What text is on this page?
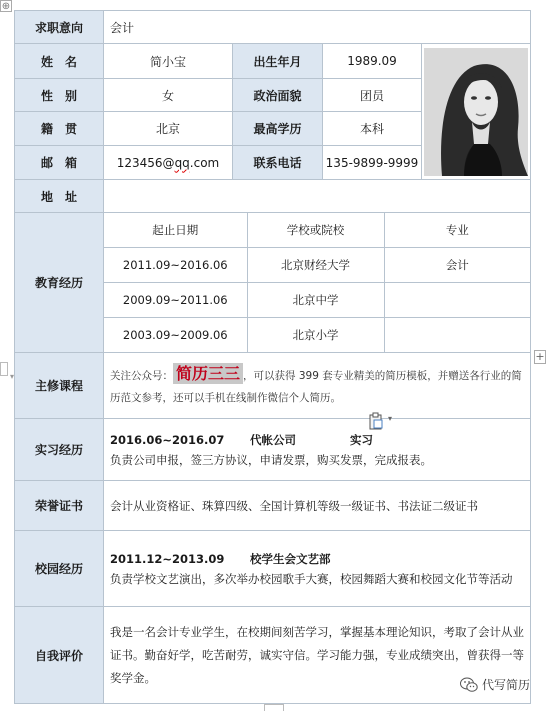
⊕
求职意向	会计
姓　名	简小宝	出生年月	1989.09	

性　别	女	政治面貌	团员
籍　贯	北京	最高学历	本科
邮　箱	123456@qq.com	联系电话	135-9899-9999
地　址	
教育经历	
起止日期	学校或院校	专业
2011.09~2016.06	北京财经大学	会计
2009.09~2011.06	北京中学	
2003.09~2009.06	北京小学	

主修课程	
关注公众号： 简历三三 ，可以获得 399 套专业精美的简历模板，并赠送各行业的简历范文参考，还可以手机在线制作微信个人简历。

实习经历	
2016.06~2016.07 代帐公司	实习
负责公司申报，签三方协议，申请发票，购买发票，完成报表。

荣誉证书	会计从业资格证、珠算四级、全国计算机等级一级证书、书法证二级证书

校园经历	
2011.12~2013.09 校学生会文艺部
负责学校文艺演出，多次举办校园歌手大赛，校园舞蹈大赛和校园文化节等活动

自我评价	
我是一名会计专业学生，在校期间刻苦学习，掌握基本理论知识，考取了会计从业证书。勤奋好学，吃苦耐劳，诚实守信。学习能力强，专业成绩突出，曾获得一等奖学金。
+
▾
▾
代写简历
